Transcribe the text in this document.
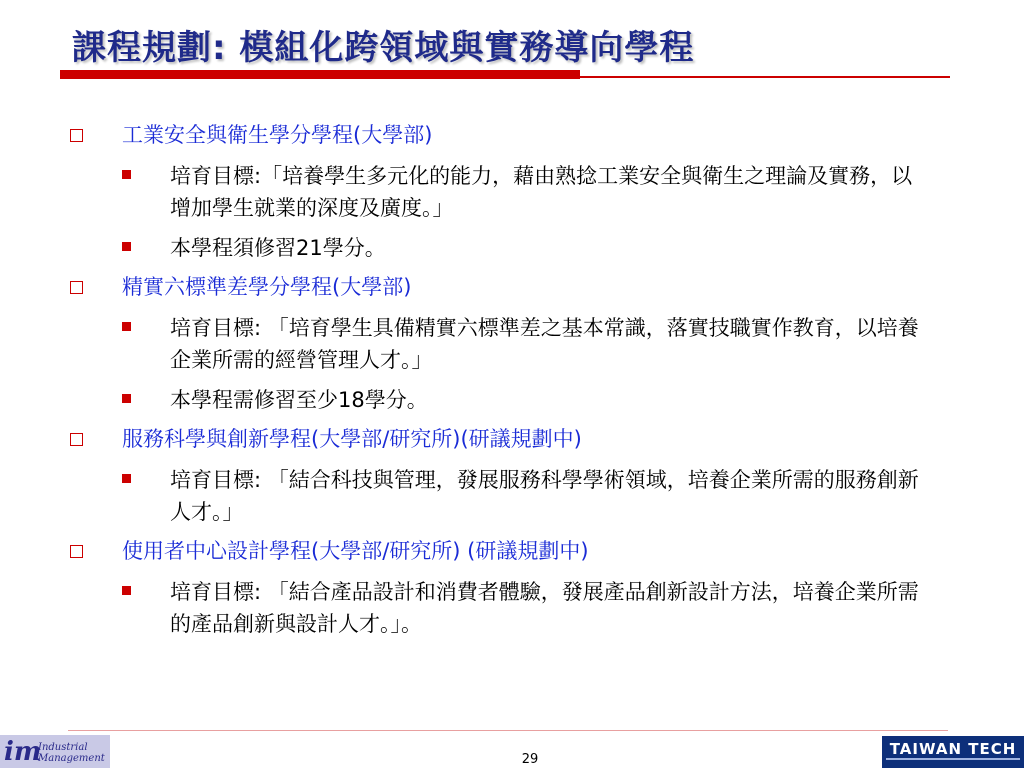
課程規劃: 模組化跨領域與實務導向學程
工業安全與衛生學分學程(大學部)
培育目標:「培養學生多元化的能力，藉由熟捻工業安全與衛生之理論及實務，以增加學生就業的深度及廣度。」
本學程須修習21學分。
精實六標準差學分學程(大學部)
培育目標: 「培育學生具備精實六標準差之基本常識，落實技職實作教育，以培養企業所需的經營管理人才。」
本學程需修習至少18學分。
服務科學與創新學程(大學部/研究所)(研議規劃中)
培育目標: 「結合科技與管理，發展服務科學學術領域，培養企業所需的服務創新人才。」
使用者中心設計學程(大學部/研究所) (研議規劃中)
培育目標: 「結合產品設計和消費者體驗，發展產品創新設計方法，培養企業所需的產品創新與設計人才。」。
im
Industrial
Management	29
TAIWAN TECH
